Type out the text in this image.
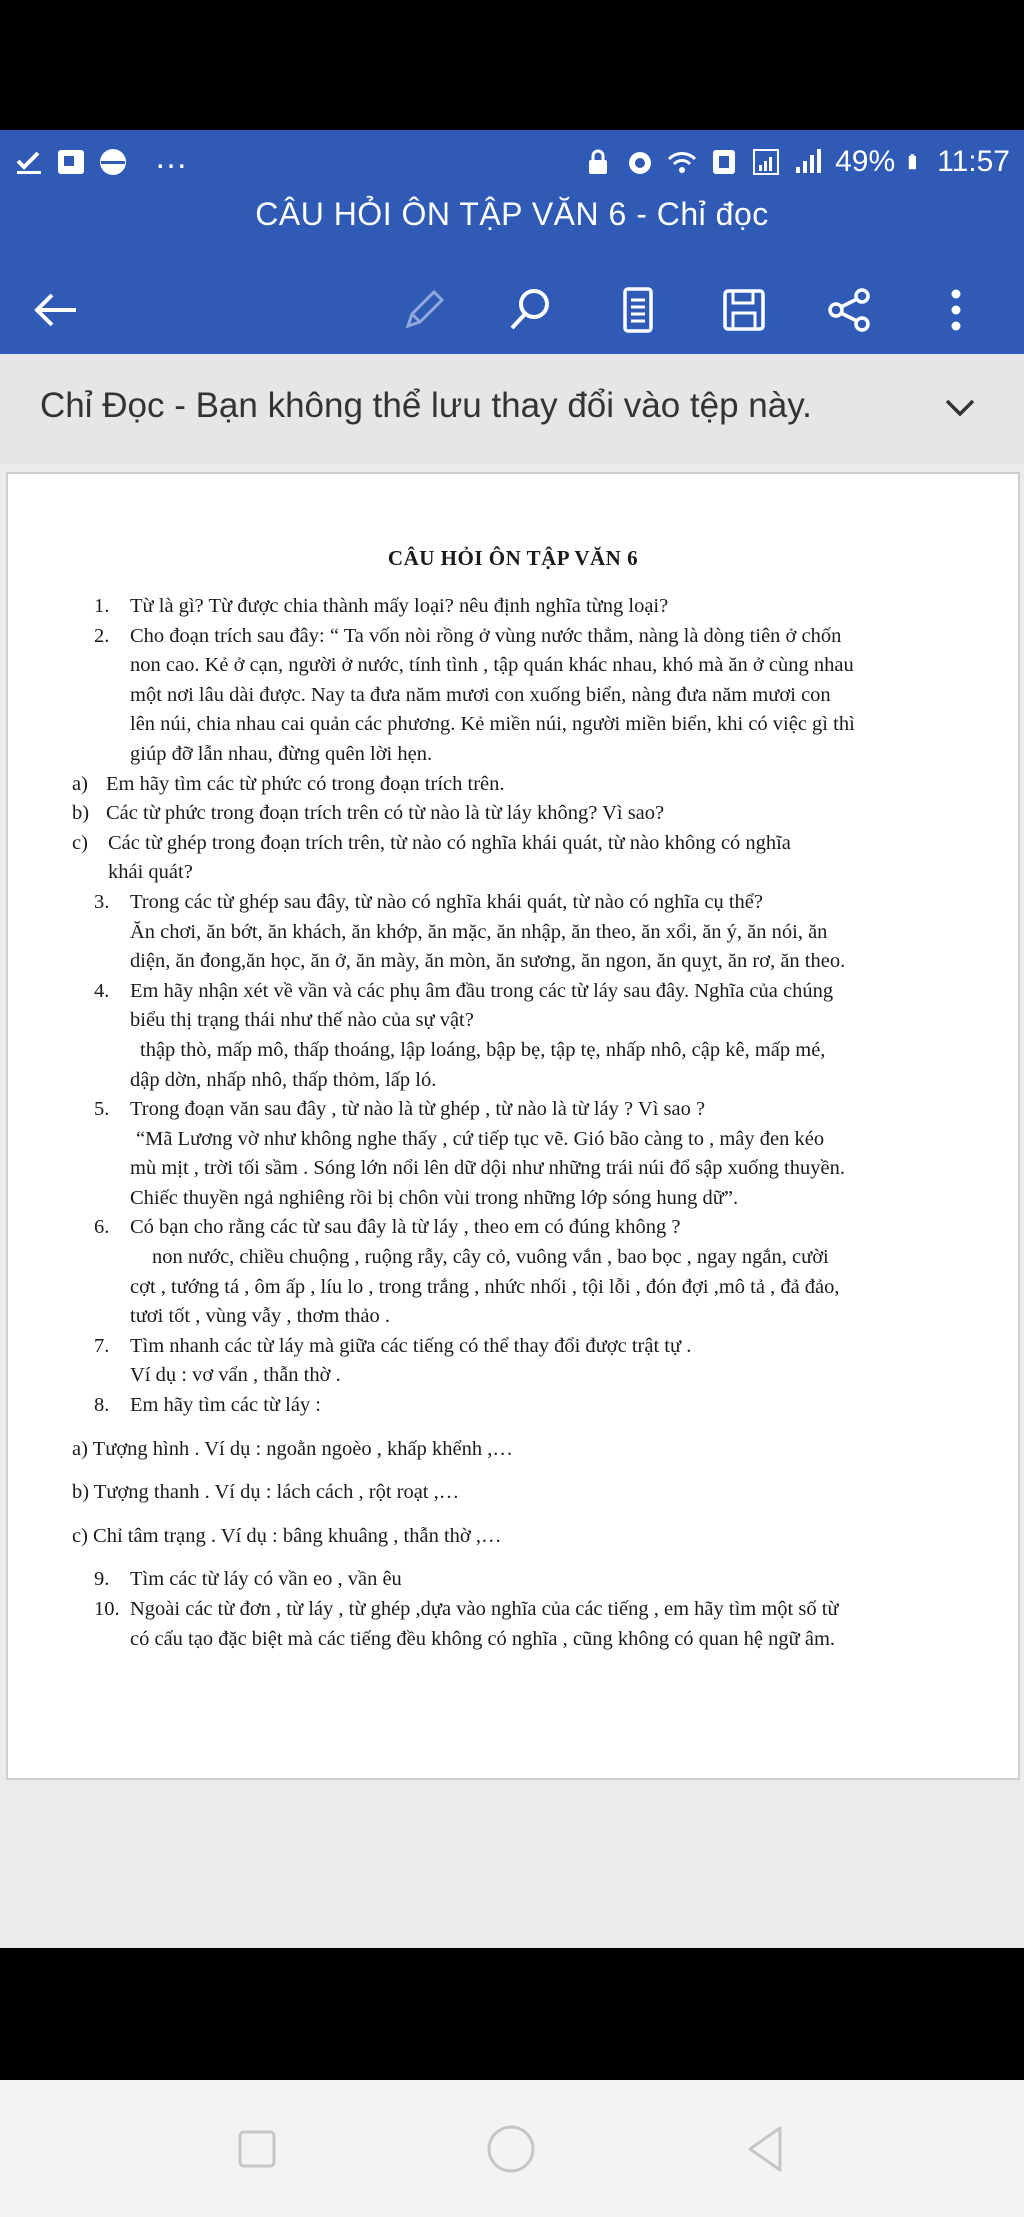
…	49% 11:57
CÂU HỎI ÔN TẬP VĂN 6 - Chỉ đọc
Chỉ Đọc - Bạn không thể lưu thay đổi vào tệp này.
CÂU HỎI ÔN TẬP VĂN 6
1.	Từ là gì? Từ được chia thành mấy loại? nêu định nghĩa từng loại?
2.	Cho đoạn trích sau đây: “ Ta vốn nòi rồng ở vùng nước thẳm, nàng là dòng tiên ở chốn
non cao. Kẻ ở cạn, người ở nước, tính tình , tập quán khác nhau, khó mà ăn ở cùng nhau
một nơi lâu dài được. Nay ta đưa năm mươi con xuống biển, nàng đưa năm mươi con
lên núi, chia nhau cai quản các phương. Kẻ miền núi, người miền biển, khi có việc gì thì
giúp đỡ lẫn nhau, đừng quên lời hẹn.
a) Em hãy tìm các từ phức có trong đoạn trích trên.
b) Các từ phức trong đoạn trích trên có từ nào là từ láy không? Vì sao?
c) Các từ ghép trong đoạn trích trên, từ nào có nghĩa khái quát, từ nào không có nghĩa
khái quát?
3.	Trong các từ ghép sau đây, từ nào có nghĩa khái quát, từ nào có nghĩa cụ thể?
Ăn chơi, ăn bớt, ăn khách, ăn khớp, ăn mặc, ăn nhập, ăn theo, ăn xổi, ăn ý, ăn nói, ăn
diện, ăn đong,ăn học, ăn ở, ăn mày, ăn mòn, ăn sương, ăn ngon, ăn quỵt, ăn rơ, ăn theo.
4.	Em hãy nhận xét về vần và các phụ âm đầu trong các từ láy sau đây. Nghĩa của chúng
biểu thị trạng thái như thế nào của sự vật?
thập thò, mấp mô, thấp thoáng, lập loáng, bập bẹ, tập tẹ, nhấp nhô, cập kê, mấp mé,
dập dờn, nhấp nhô, thấp thỏm, lấp ló.
5.	Trong đoạn văn sau đây , từ nào là từ ghép , từ nào là từ láy ? Vì sao ?
“Mã Lương vờ như không nghe thấy , cứ tiếp tục vẽ. Gió bão càng to , mây đen kéo
mù mịt , trời tối sầm . Sóng lớn nổi lên dữ dội như những trái núi đổ sập xuống thuyền.
Chiếc thuyền ngả nghiêng rồi bị chôn vùi trong những lớp sóng hung dữ”.
6.	Có bạn cho rằng các từ sau đây là từ láy , theo em có đúng không ?
non nước, chiều chuộng , ruộng rẫy, cây cỏ, vuông vắn , bao bọc , ngay ngắn, cười
cợt , tướng tá , ôm ấp , líu lo , trong trắng , nhức nhối , tội lỗi , đón đợi ,mô tả , đả đảo,
tươi tốt , vùng vẫy , thơm thảo .
7.	Tìm nhanh các từ láy mà giữa các tiếng có thể thay đổi được trật tự .
Ví dụ : vơ vẩn , thẫn thờ .
8.	Em hãy tìm các từ láy :
a) Tượng hình . Ví dụ : ngoằn ngoèo , khấp khểnh ,…
b) Tượng thanh . Ví dụ : lách cách , rột roạt ,…
c) Chỉ tâm trạng . Ví dụ : bâng khuâng , thẫn thờ ,…
9.	Tìm các từ láy có vần eo , vần êu
10. Ngoài các từ đơn , từ láy , từ ghép ,dựa vào nghĩa của các tiếng , em hãy tìm một số từ
có cấu tạo đặc biệt mà các tiếng đều không có nghĩa , cũng không có quan hệ ngữ âm.
